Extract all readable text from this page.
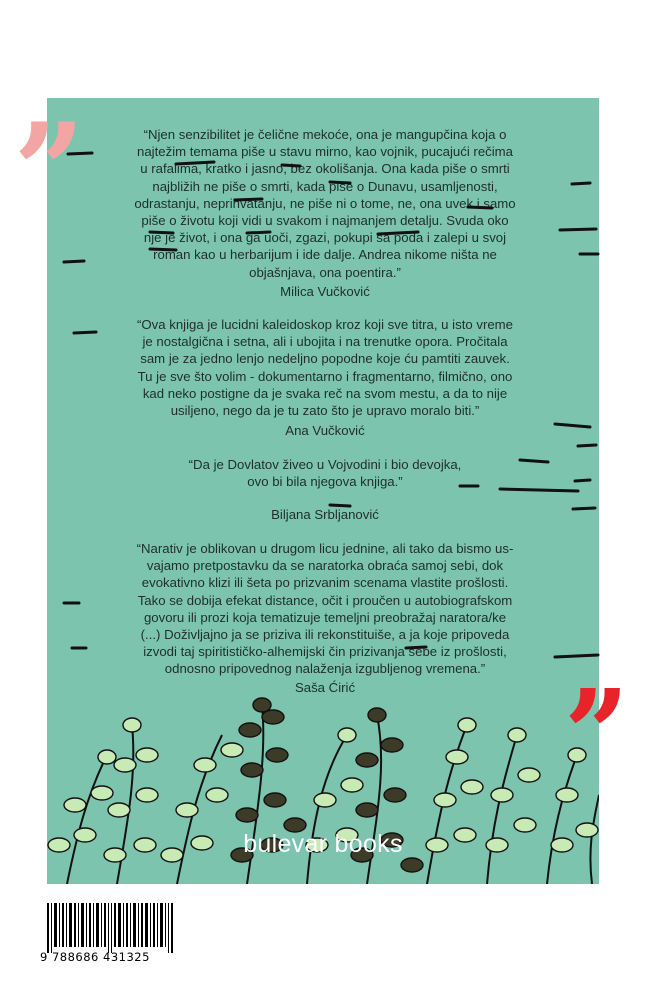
,,	“Njen senzibilitet je čelične mekoće, ona je mangupčina koja o
najtežim temama piše u stavu mirno, kao vojnik, pucajući rečima
u rafalima, kratko i jasno, bez okolišanja. Ona kada piše o smrti
najbližih ne piše o smrti, kada piše o Dunavu, usamljenosti,
odrastanju, neprihvatanju, ne piše ni o tome, ne, ona uvek i samo
piše o životu koji vidi u svakom i najmanjem detalju. Svuda oko
nje je život, i ona ga uoči, zgazi, pokupi sa poda i zalepi u svoj
roman kao u herbarijum i ide dalje. Andrea nikome ništa ne
objašnjava, ona poentira.”
Milica Vučković
“Ova knjiga je lucidni kaleidoskop kroz koji sve titra, u isto vreme
je nostalgična i setna, ali i ubojita i na trenutke opora. Pročitala
sam je za jedno lenjo nedeljno popodne koje ću pamtiti zauvek.
Tu je sve što volim - dokumentarno i fragmentarno, filmično, ono
kad neko postigne da je svaka reč na svom mestu, a da to nije
usiljeno, nego da je tu zato što je upravo moralo biti.”
Ana Vučković
“Da je Dovlatov živeo u Vojvodini i bio devojka,
ovo bi bila njegova knjiga.”
Biljana Srbljanović
“Narativ je oblikovan u drugom licu jednine, ali tako da bismo us-
vajamo pretpostavku da se naratorka obraća samoj sebi, dok
evokativno klizi ili šeta po prizvanim scenama vlastite prošlosti.
Tako se dobija efekat distance, očit i proučen u autobiografskom
govoru ili prozi koja tematizuje temeljni preobražaj naratora/ke
(...) Doživljajno ja se priziva ili rekonstituiše, a ja koje pripoveda
izvodi taj spiritističko-alhemijski čin prizivanja sebe iz prošlosti,
odnosno pripovednog nalaženja izgubljenog vremena.”
Saša Ćirić	,,
bulevar books
9 788686 431325
